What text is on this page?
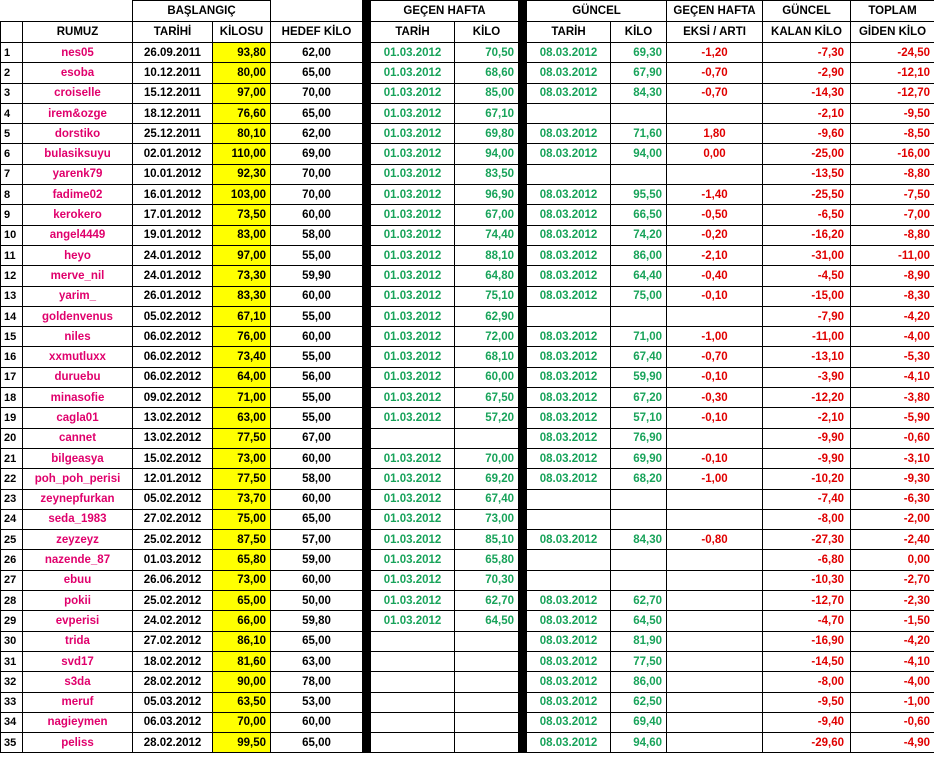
		BAŞLANGIÇ				GEÇEN HAFTA			GÜNCEL		GEÇEN HAFTA	GÜNCEL	TOPLAM
	RUMUZ	TARİHİ	KİLOSU	HEDEF KİLO		TARİH	KİLO		TARİH	KİLO	EKSİ / ARTI	KALAN KİLO	GİDEN KİLO
1	nes05	26.09.2011	93,80	62,00		01.03.2012	70,50		08.03.2012	69,30	-1,20	-7,30	-24,50
2	esoba	10.12.2011	80,00	65,00		01.03.2012	68,60		08.03.2012	67,90	-0,70	-2,90	-12,10
3	croiselle	15.12.2011	97,00	70,00		01.03.2012	85,00		08.03.2012	84,30	-0,70	-14,30	-12,70
4	irem&ozge	18.12.2011	76,60	65,00		01.03.2012	67,10					-2,10	-9,50
5	dorstiko	25.12.2011	80,10	62,00		01.03.2012	69,80		08.03.2012	71,60	1,80	-9,60	-8,50
6	bulasiksuyu	02.01.2012	110,00	69,00		01.03.2012	94,00		08.03.2012	94,00	0,00	-25,00	-16,00
7	yarenk79	10.01.2012	92,30	70,00		01.03.2012	83,50					-13,50	-8,80
8	fadime02	16.01.2012	103,00	70,00		01.03.2012	96,90		08.03.2012	95,50	-1,40	-25,50	-7,50
9	kerokero	17.01.2012	73,50	60,00		01.03.2012	67,00		08.03.2012	66,50	-0,50	-6,50	-7,00
10	angel4449	19.01.2012	83,00	58,00		01.03.2012	74,40		08.03.2012	74,20	-0,20	-16,20	-8,80
11	heyo	24.01.2012	97,00	55,00		01.03.2012	88,10		08.03.2012	86,00	-2,10	-31,00	-11,00
12	merve_nil	24.01.2012	73,30	59,90		01.03.2012	64,80		08.03.2012	64,40	-0,40	-4,50	-8,90
13	yarim_	26.01.2012	83,30	60,00		01.03.2012	75,10		08.03.2012	75,00	-0,10	-15,00	-8,30
14	goldenvenus	05.02.2012	67,10	55,00		01.03.2012	62,90					-7,90	-4,20
15	niles	06.02.2012	76,00	60,00		01.03.2012	72,00		08.03.2012	71,00	-1,00	-11,00	-4,00
16	xxmutluxx	06.02.2012	73,40	55,00		01.03.2012	68,10		08.03.2012	67,40	-0,70	-13,10	-5,30
17	duruebu	06.02.2012	64,00	56,00		01.03.2012	60,00		08.03.2012	59,90	-0,10	-3,90	-4,10
18	minasofie	09.02.2012	71,00	55,00		01.03.2012	67,50		08.03.2012	67,20	-0,30	-12,20	-3,80
19	cagla01	13.02.2012	63,00	55,00		01.03.2012	57,20		08.03.2012	57,10	-0,10	-2,10	-5,90
20	cannet	13.02.2012	77,50	67,00					08.03.2012	76,90		-9,90	-0,60
21	bilgeasya	15.02.2012	73,00	60,00		01.03.2012	70,00		08.03.2012	69,90	-0,10	-9,90	-3,10
22	poh_poh_perisi	12.01.2012	77,50	58,00		01.03.2012	69,20		08.03.2012	68,20	-1,00	-10,20	-9,30
23	zeynepfurkan	05.02.2012	73,70	60,00		01.03.2012	67,40					-7,40	-6,30
24	seda_1983	27.02.2012	75,00	65,00		01.03.2012	73,00					-8,00	-2,00
25	zeyzeyz	25.02.2012	87,50	57,00		01.03.2012	85,10		08.03.2012	84,30	-0,80	-27,30	-2,40
26	nazende_87	01.03.2012	65,80	59,00		01.03.2012	65,80					-6,80	0,00
27	ebuu	26.06.2012	73,00	60,00		01.03.2012	70,30					-10,30	-2,70
28	pokii	25.02.2012	65,00	50,00		01.03.2012	62,70		08.03.2012	62,70		-12,70	-2,30
29	evperisi	24.02.2012	66,00	59,80		01.03.2012	64,50		08.03.2012	64,50		-4,70	-1,50
30	trida	27.02.2012	86,10	65,00					08.03.2012	81,90		-16,90	-4,20
31	svd17	18.02.2012	81,60	63,00					08.03.2012	77,50		-14,50	-4,10
32	s3da	28.02.2012	90,00	78,00					08.03.2012	86,00		-8,00	-4,00
33	meruf	05.03.2012	63,50	53,00					08.03.2012	62,50		-9,50	-1,00
34	nagieymen	06.03.2012	70,00	60,00					08.03.2012	69,40		-9,40	-0,60
35	peliss	28.02.2012	99,50	65,00					08.03.2012	94,60		-29,60	-4,90
